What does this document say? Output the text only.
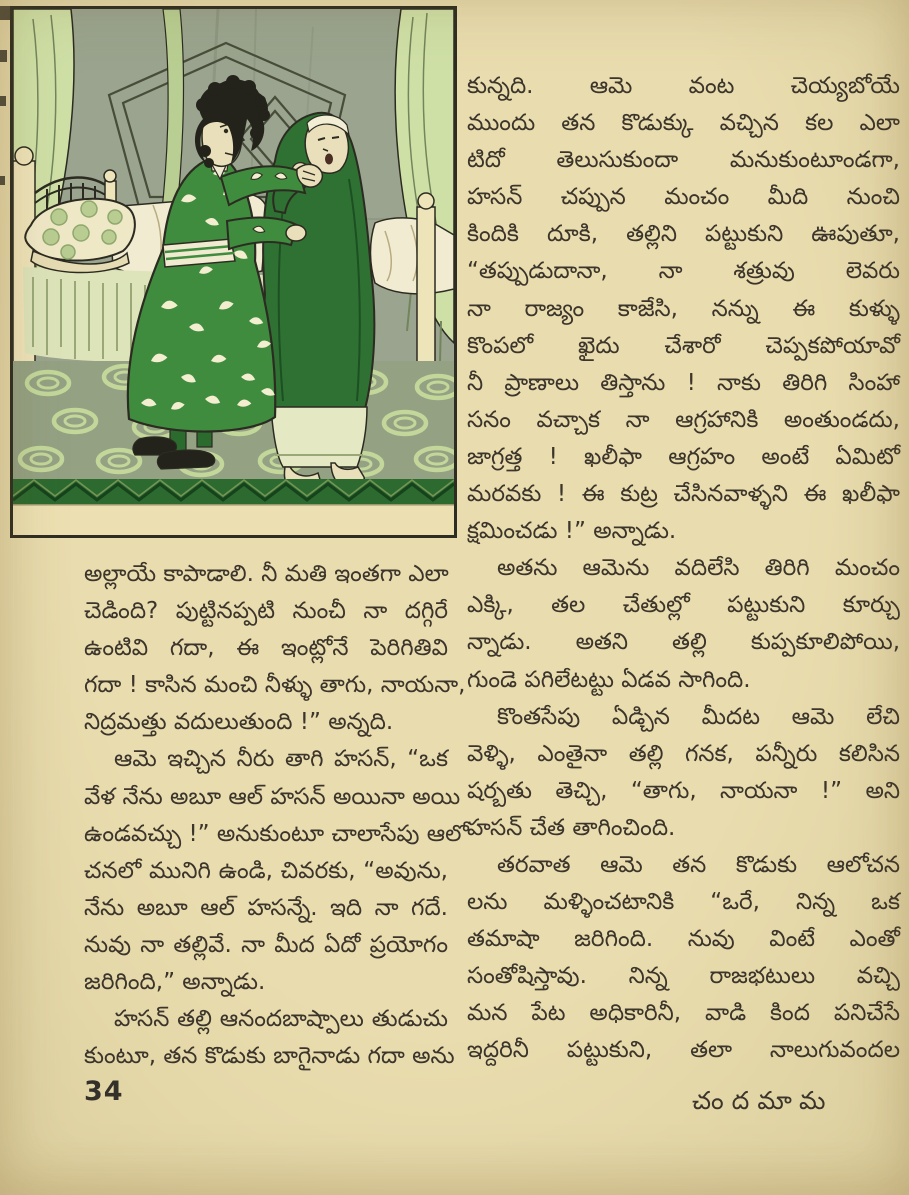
కున్నది. ఆమె వంట చెయ్యబోయే
ముందు తన కొడుక్కు వచ్చిన కల ఎలా
టిదో తెలుసుకుందా మనుకుంటూండగా,
హసన్ చప్పున మంచం మీది నుంచి
కిందికి దూకి, తల్లిని పట్టుకుని ఊపుతూ,
“తప్పుడుదానా, నా శత్రువు లెవరు
నా రాజ్యం కాజేసి, నన్ను ఈ కుళ్ళు
కొంపలో ఖైదు చేశారో చెప్పకపోయావో
నీ ప్రాణాలు తిస్తాను ! నాకు తిరిగి సింహా
సనం వచ్చాక నా ఆగ్రహానికి అంతుండదు,
జాగ్రత్త ! ఖలీఫా ఆగ్రహం అంటే ఏమిటో
మరవకు ! ఈ కుట్ర చేసినవాళ్ళని ఈ ఖలీఫా
క్షమించడు !” అన్నాడు.
అతను ఆమెను వదిలేసి తిరిగి మంచం
ఎక్కి, తల చేతుల్లో పట్టుకుని కూర్చు
న్నాడు. అతని తల్లి కుప్పకూలిపోయి,
గుండె పగిలేటట్టు ఏడవ సాగింది.
కొంతసేపు ఏడ్చిన మీదట ఆమె లేచి
వెళ్ళి, ఎంతైనా తల్లి గనక, పన్నీరు కలిసిన
షర్బతు తెచ్చి, “తాగు, నాయనా !” అని
హసన్ చేత తాగించింది.
తరవాత ఆమె తన కొడుకు ఆలోచన
లను మళ్ళించటానికి “ఒరే, నిన్న ఒక
తమాషా జరిగింది. నువు వింటే ఎంతో
సంతోషిస్తావు. నిన్న రాజభటులు వచ్చి
మన పేట అధికారినీ, వాడి కింద పనిచేసే
ఇద్దరినీ పట్టుకుని, తలా నాలుగువందల
అల్లాయే కాపాడాలి. నీ మతి ఇంతగా ఎలా
చెడింది? పుట్టినప్పటి నుంచీ నా దగ్గిరే
ఉంటివి గదా, ఈ ఇంట్లోనే పెరిగితివి
గదా ! కాసిన మంచి నీళ్ళు తాగు, నాయనా,
నిద్రమత్తు వదులుతుంది !” అన్నది.
ఆమె ఇచ్చిన నీరు తాగి హసన్, “ఒక
వేళ నేను అబూ ఆల్ హసన్ అయినా అయి
ఉండవచ్చు !” అనుకుంటూ చాలాసేపు ఆలో
చనలో మునిగి ఉండి, చివరకు, “అవును,
నేను అబూ ఆల్ హసన్నే. ఇది నా గదే.
నువు నా తల్లివే. నా మీద ఏదో ప్రయోగం
జరిగింది,” అన్నాడు.
హసన్ తల్లి ఆనందబాష్పాలు తుడుచు
కుంటూ, తన కొడుకు బాగైనాడు గదా అను
34	చందమామ
